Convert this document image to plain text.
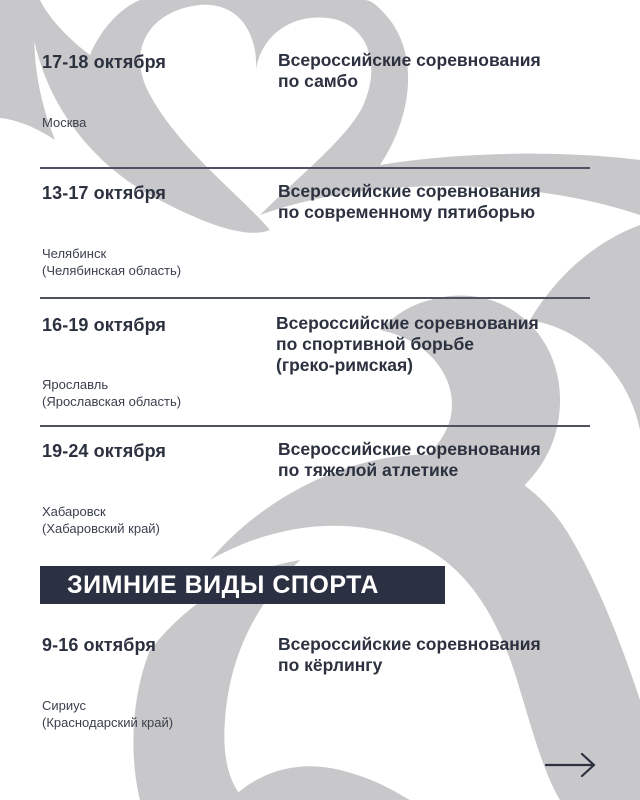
17-18 октября	Всероссийские соревнования
по самбо
Москва
13-17 октября	Всероссийские соревнования
по современному пятиборью
Челябинск
(Челябинская область)
16-19 октября	Всероссийские соревнования
по спортивной борьбе
(греко-римская)
Ярославль
(Ярославская область)
19-24 октября	Всероссийские соревнования
по тяжелой атлетике
Хабаровск
(Хабаровский край)
ЗИМНИЕ ВИДЫ СПОРТА
9-16 октября	Всероссийские соревнования
по кёрлингу
Сириус
(Краснодарский край)
